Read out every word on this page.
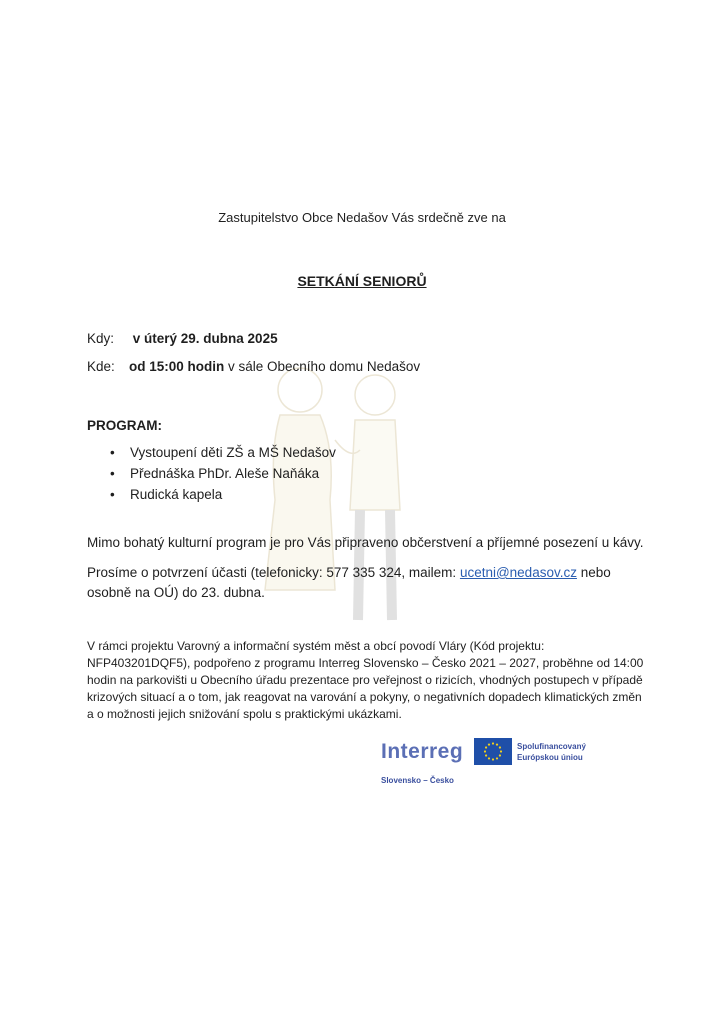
Zastupitelstvo Obce Nedašov Vás srdečně zve na
SETKÁNÍ SENIORŮ
Kdy: v úterý 29. dubna 2025
Kde: od 15:00 hodin v sále Obecního domu Nedašov
PROGRAM:
• Vystoupení děti ZŠ a MŠ Nedašov
• Přednáška PhDr. Aleše Naňáka
• Rudická kapela
Mimo bohatý kulturní program je pro Vás připraveno občerstvení a příjemné posezení u kávy.
Prosíme o potvrzení účasti (telefonicky: 577 335 324, mailem: ucetni@nedasov.cz nebo osobně na OÚ) do 23. dubna.
V rámci projektu Varovný a informační systém měst a obcí povodí Vláry (Kód projektu: NFP403201DQF5), podpořeno z programu Interreg Slovensko – Česko 2021 – 2027, proběhne od 14:00 hodin na parkovišti u Obecního úřadu prezentace pro veřejnost o rizicích, vhodných postupech v případě krizových situací a o tom, jak reagovat na varování a pokyny, o negativních dopadech klimatických změn a o možnosti jejich snižování spolu s praktickými ukázkami.
Interreg
Slovensko – Česko
Spolufinancovaný
Európskou úniou
